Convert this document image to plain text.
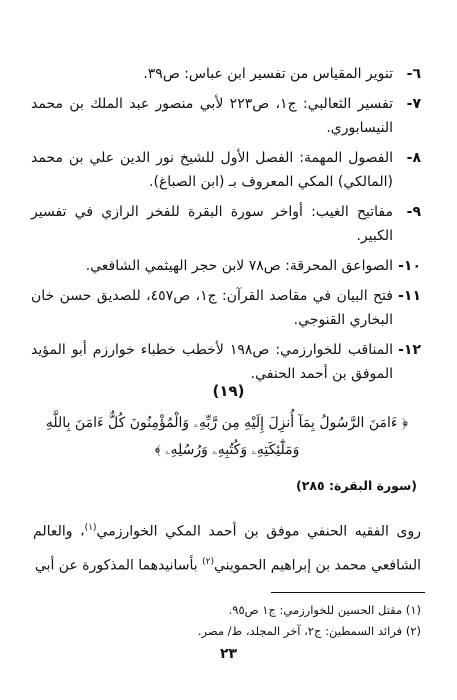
٦-
تنوير المقياس من تفسير ابن عباس: ص٣٩.
٧-
تفسير الثعالبي: ج١، ص٢٢٣ لأبي منصور عبد الملك بن محمد النيسابوري.
٨-
الفصول المهمة: الفصل الأول للشيخ نور الدين علي بن محمد (المالكي) المكي المعروف بـ (ابن الصباغ).
٩-
مفاتيح الغيب: أواخر سورة البقرة للفخر الرازي في تفسير الكبير.
١٠-
الصواعق المحرقة: ص٧٨ لابن حجر الهيثمي الشافعي.
١١-
فتح البيان في مقاصد القرآن: ج١، ص٤٥٧، للصديق حسن خان البخاري القنوجي.
١٢-
المناقب للخوارزمي: ص١٩٨ لأخطب خطباء خوارزم أبو المؤيد الموفق بن أحمد الحنفي.
(١٩)
﴿ ءَامَنَ الرَّسُولُ بِمَآ أُنزِلَ إِلَيْهِ مِن رَّبِّهِۦ وَالْمُؤْمِنُونَ كُلٌّ ءَامَنَ بِاللَّهِ وَمَلَٰٓئِكَتِهِۦ وَكُتُبِهِۦ وَرُسُلِهِۦ ﴾
(سورة البقرة: ٢٨٥)

روى الفقيه الحنفي موفق بن أحمد المكي الخوارزمي$^{(١)}$، والعالم الشافعي محمد بن إبراهيم الحمويني$^{(٢)}$ بأسانيدهما المذكورة عن أبي

(١) مقتل الحسين للخوارزمي: ج١ ص٩٥.
(٢) فرائد السمطين: ج٢، آخر المجلد، ط/ مصر.
٢٣
